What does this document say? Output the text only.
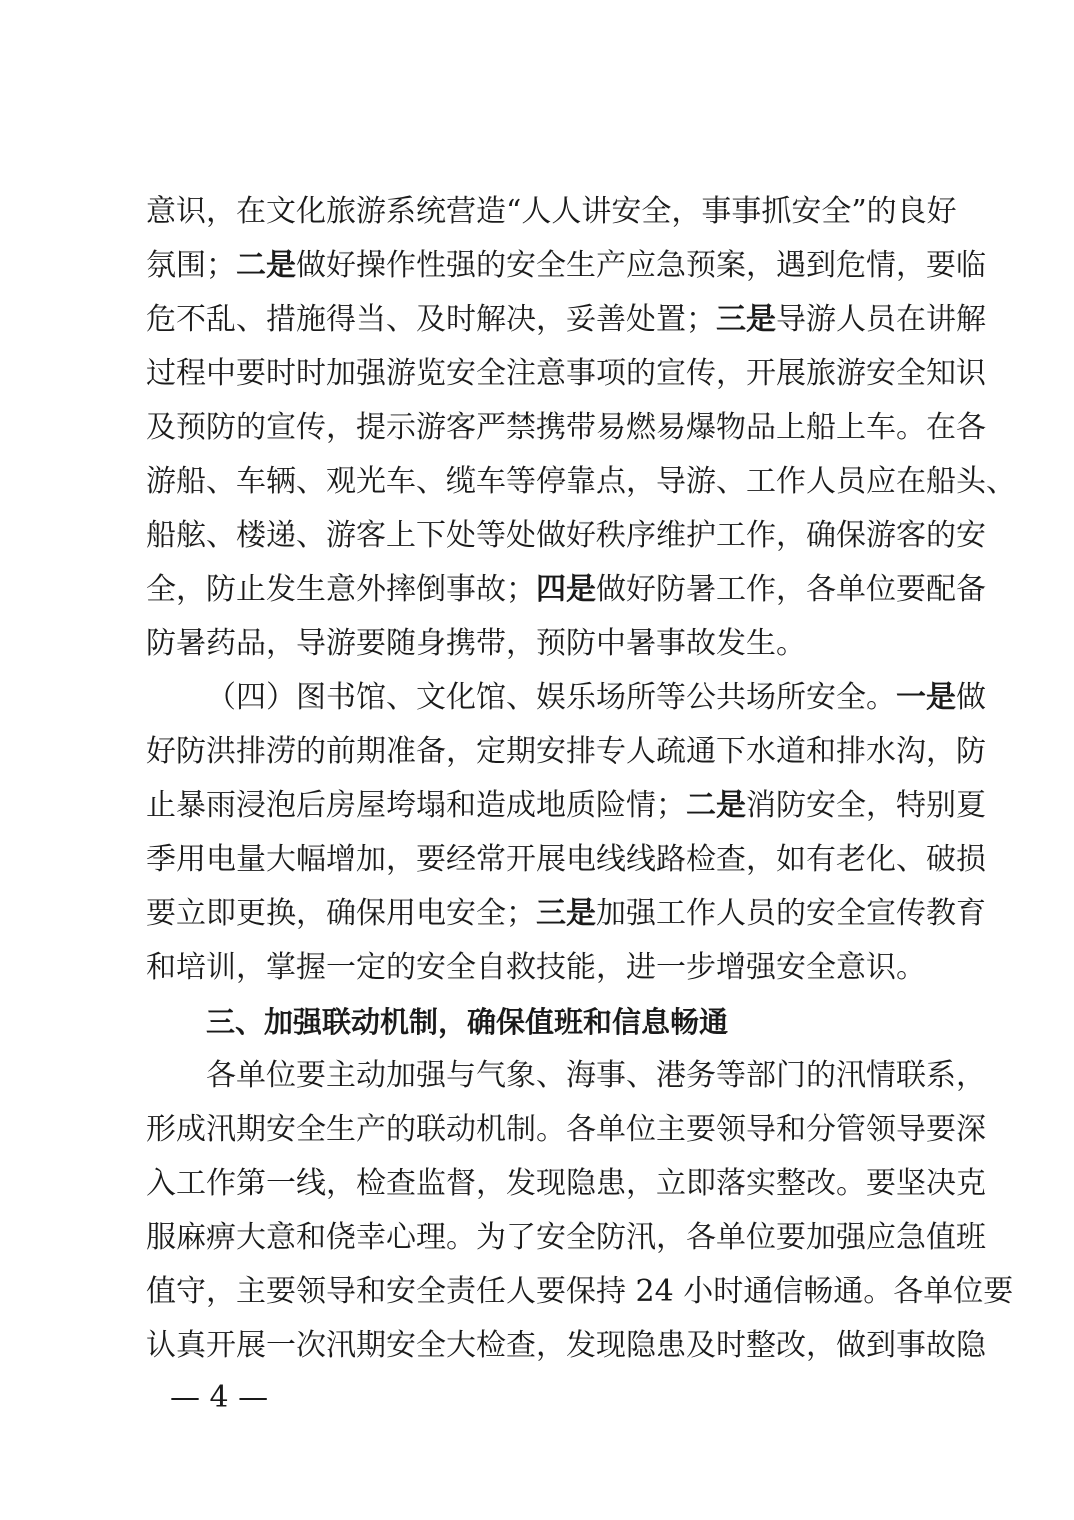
意识，在文化旅游系统营造“人人讲安全，事事抓安全”的良好
氛围；二是做好操作性强的安全生产应急预案，遇到危情，要临
危不乱、措施得当、及时解决，妥善处置；三是导游人员在讲解
过程中要时时加强游览安全注意事项的宣传，开展旅游安全知识
及预防的宣传，提示游客严禁携带易燃易爆物品上船上车。在各
游船、车辆、观光车、缆车等停靠点，导游、工作人员应在船头、
船舷、楼递、游客上下处等处做好秩序维护工作，确保游客的安
全，防止发生意外摔倒事故；四是做好防暑工作，各单位要配备
防暑药品，导游要随身携带，预防中暑事故发生。
（四）图书馆、文化馆、娱乐场所等公共场所安全。一是做
好防洪排涝的前期准备，定期安排专人疏通下水道和排水沟，防
止暴雨浸泡后房屋垮塌和造成地质险情；二是消防安全，特别夏
季用电量大幅增加，要经常开展电线线路检查，如有老化、破损
要立即更换，确保用电安全；三是加强工作人员的安全宣传教育
和培训，掌握一定的安全自救技能，进一步增强安全意识。
三、加强联动机制，确保值班和信息畅通
各单位要主动加强与气象、海事、港务等部门的汛情联系，
形成汛期安全生产的联动机制。各单位主要领导和分管领导要深
入工作第一线，检查监督，发现隐患，立即落实整改。要坚决克
服麻痹大意和侥幸心理。为了安全防汛，各单位要加强应急值班
值守，主要领导和安全责任人要保持 24 小时通信畅通。各单位要
认真开展一次汛期安全大检查，发现隐患及时整改，做到事故隐
— 4 —
